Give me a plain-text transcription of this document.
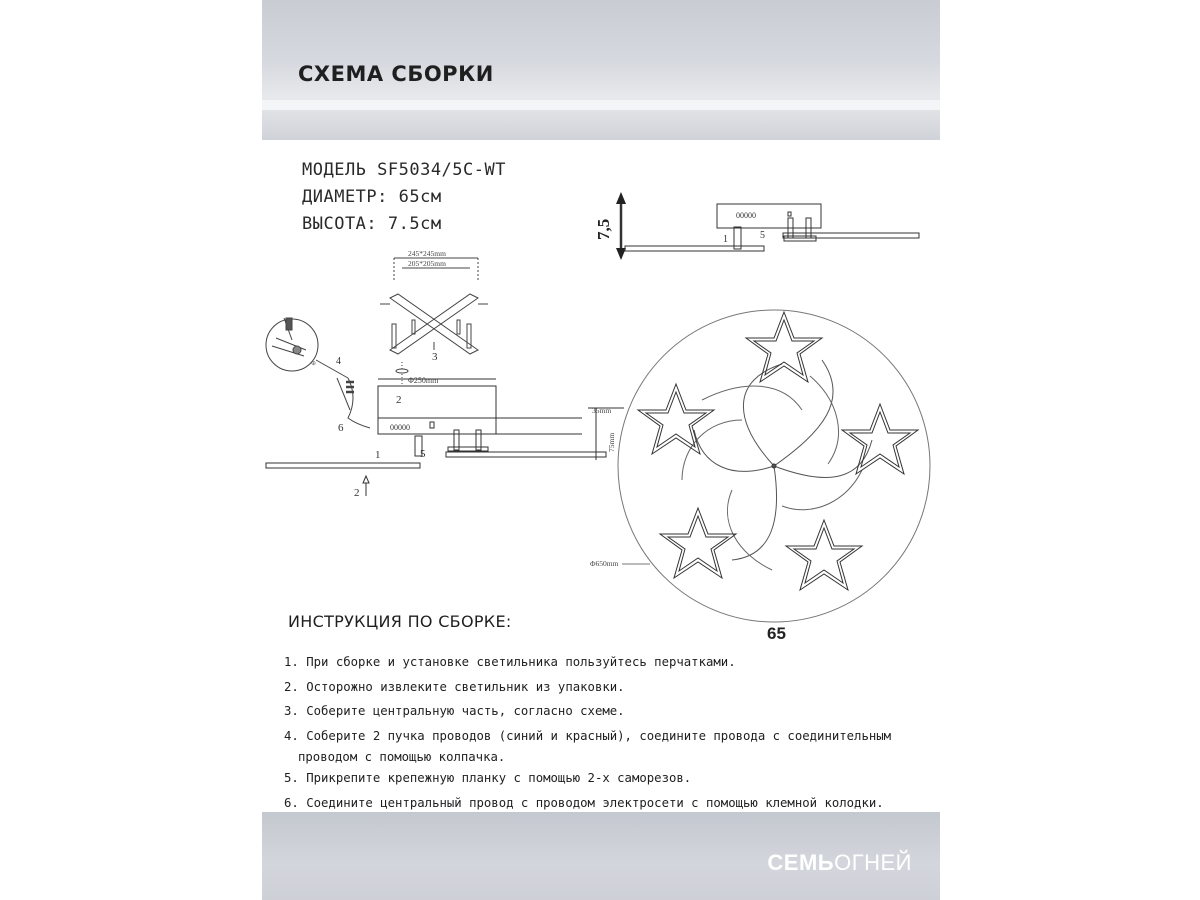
СХЕМА СБОРКИ
МОДЕЛЬ SF5034/5C-WT
ДИАМЕТР: 65см
ВЫСОТА: 7.5см	7,5
00000
1	5
245*245mm
205*205mm
3
⊕
Φ250mm
4
2
00000
6
35mm
75mm
1	5
2
Φ650mm
ИНСТРУКЦИЯ ПО СБОРКЕ:
65
1. При сборке и установке светильника пользуйтесь перчатками.
2. Осторожно извлеките светильник из упаковки.
3. Соберите центральную часть, согласно схеме.
4. Соберите 2 пучка проводов (синий и красный), соедините провода с соединительным
проводом с помощью колпачка.
5. Прикрепите крепежную планку с помощью 2-х саморезов.
6. Соедините центральный провод с проводом электросети с помощью клемной колодки.
СЕМЬОГНЕЙ
